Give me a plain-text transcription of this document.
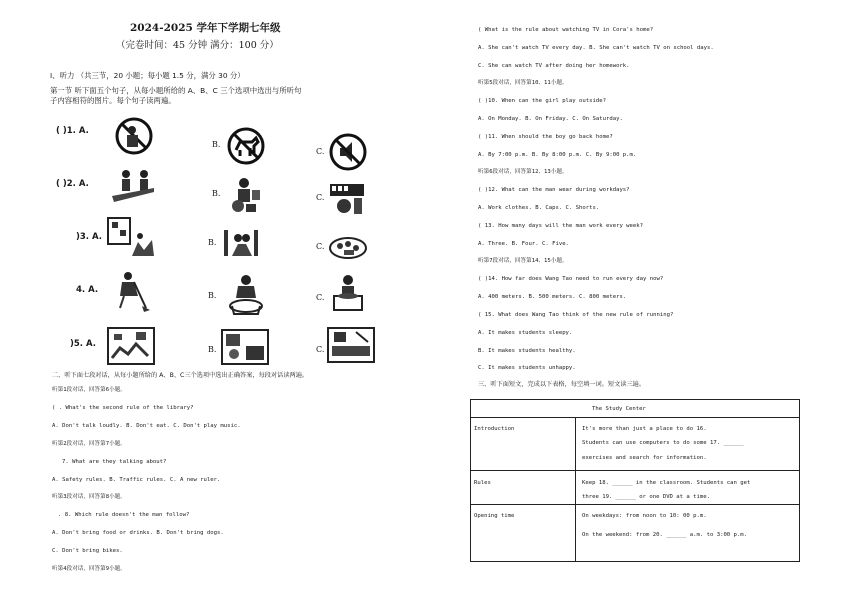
2024-2025 学年下学期七年级
（完卷时间：45 分钟 满分：100 分）
Ⅰ、听力 （共三节，20 小题；每小题 1.5 分，满分 30 分）
第一节 听下面五个句子，从每小题所给的 A、B、C 三个选项中选出与所听句
子内容相符的图片。每个句子读两遍。
( )1. A.
B.
C.
( )2. A.
B.	C.
)3. A.
B.	C.
4. A.
B.	C.
)5. A.
B.	C.
二、听下面七段对话，从每小题所给的 A、B、C三个选项中选出正确答案，每段对话读两遍。
听第1段对话，回答第6小题。
( . What's the second rule of the library?
A. Don't talk loudly. B. Don't eat. C. Don't play music.
听第2段对话，回答第7小题。
7. What are they talking about?
A. Safety rules. B. Traffic rules. C. A new ruler.
听第3段对话，回答第8小题。
. 8. Which rule doesn't the man follow?
A. Don't bring food or drinks. B. Don't bring dogs.
C. Don't bring bikes.
听第4段对话，回答第9小题。
( What is the rule about watching TV in Cora's home?
A. She can't watch TV every day. B. She can't watch TV on school days.
C. She can watch TV after doing her homework.
听第5段对话，回答第10、11小题。
( )10. When can the girl play outside?
A. On Monday. B. On Friday. C. On Saturday.
( )11. When should the boy go back home?
A. By 7:00 p.m. B. By 8:00 p.m. C. By 9:00 p.m.
听第6段对话，回答第12、13小题。
( )12. What can the man wear during workdays?
A. Work clothes. B. Caps. C. Shorts.
( 13. How many days will the man work every week?
A. Three. B. Four. C. Five.
听第7段对话，回答第14、15小题。
( )14. How far does Wang Tao need to run every day now?
A. 400 meters. B. 500 meters. C. 800 meters.
( 15. What does Wang Tao think of the new rule of running?
A. It makes students sleepy.
B. It makes students healthy.
C. It makes students unhappy.
三、听下面短文，完成以下表格，每空填一词。短文读三遍。
The Study Center
Introduction	It's more than just a place to do 16.
Students can use computers to do some 17. ______
exercises and search for information.
Rules	Keep 18. ______ in the classroom. Students can get
three 19. ______ or one DVD at a time.
Opening time	On weekdays: from noon to 10: 00 p.m.
On the weekend: from 20. ______ a.m. to 3:00 p.m.
